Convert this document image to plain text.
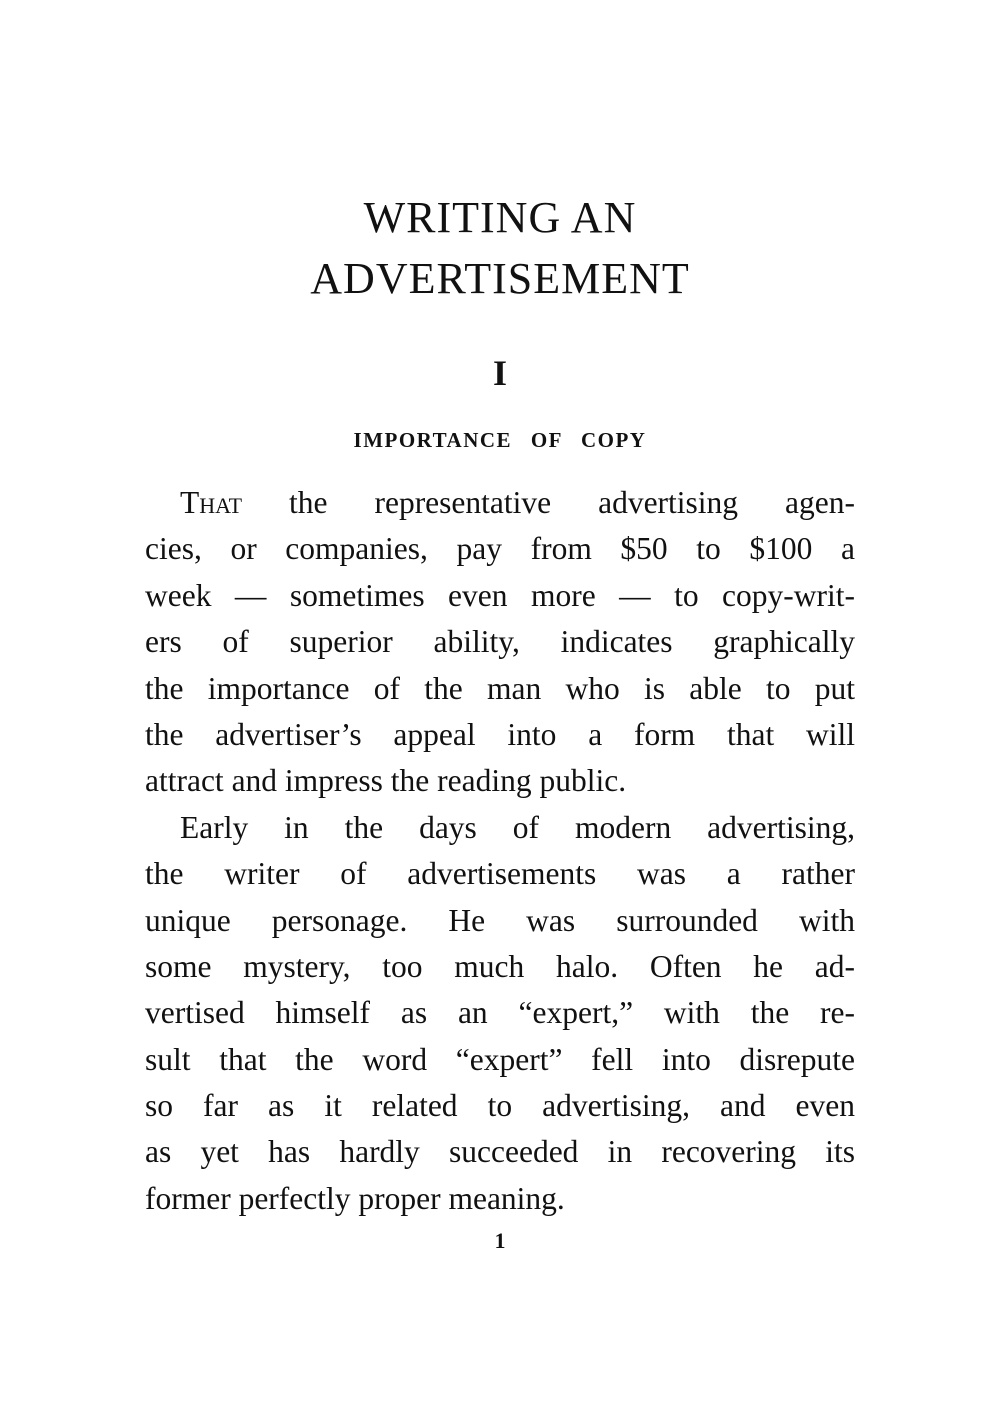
WRITING AN
ADVERTISEMENT
I
IMPORTANCE OF COPY
That the representative advertising agen-
cies, or companies, pay from $50 to $100 a
week — sometimes even more — to copy-writ-
ers of superior ability, indicates graphically
the importance of the man who is able to put
the advertiser’s appeal into a form that will
attract and impress the reading public.
Early in the days of modern advertising,
the writer of advertisements was a rather
unique personage. He was surrounded with
some mystery, too much halo. Often he ad-
vertised himself as an “expert,” with the re-
sult that the word “expert” fell into disrepute
so far as it related to advertising, and even
as yet has hardly succeeded in recovering its
former perfectly proper meaning.
1
